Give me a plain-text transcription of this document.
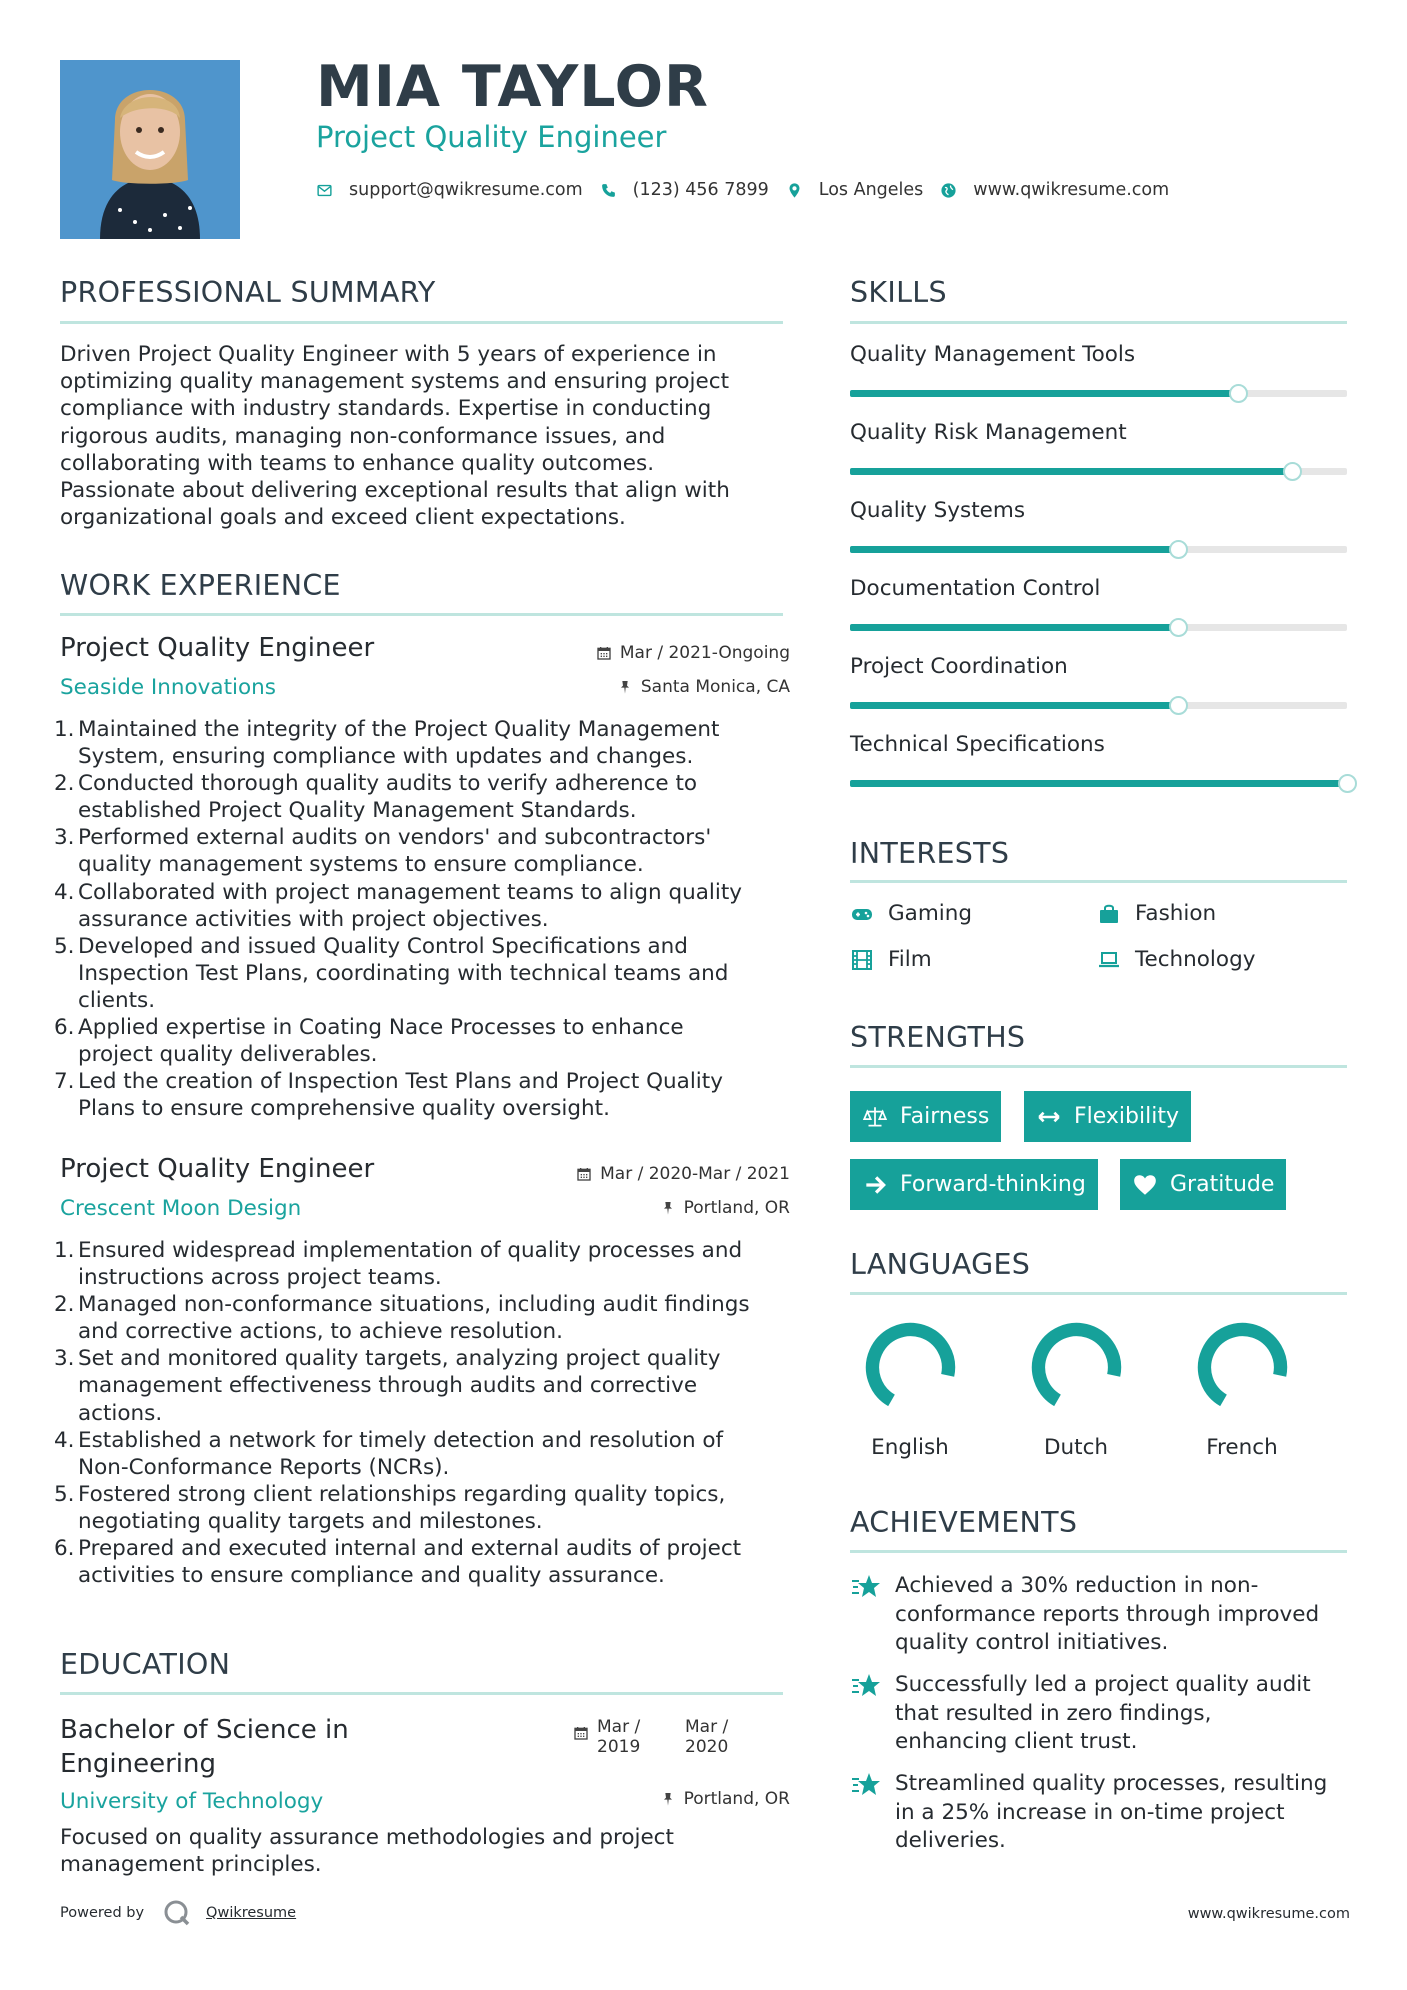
MIA TAYLOR
Project Quality Engineer
support@qwikresume.com	(123) 456 7899	Los Angeles	www.qwikresume.com
PROFESSIONAL SUMMARY
Driven Project Quality Engineer with 5 years of experience in
optimizing quality management systems and ensuring project
compliance with industry standards. Expertise in conducting
rigorous audits, managing non-conformance issues, and
collaborating with teams to enhance quality outcomes.
Passionate about delivering exceptional results that align with
organizational goals and exceed client expectations.
WORK EXPERIENCE
Project Quality Engineer
Seaside Innovations
Mar / 2021-Ongoing
Santa Monica, CA
1. Maintained the integrity of the Project Quality Management
System, ensuring compliance with updates and changes.
2. Conducted thorough quality audits to verify adherence to
established Project Quality Management Standards.
3. Performed external audits on vendors' and subcontractors'
quality management systems to ensure compliance.
4. Collaborated with project management teams to align quality
assurance activities with project objectives.
5. Developed and issued Quality Control Specifications and
Inspection Test Plans, coordinating with technical teams and
clients.
6. Applied expertise in Coating Nace Processes to enhance
project quality deliverables.
7. Led the creation of Inspection Test Plans and Project Quality
Plans to ensure comprehensive quality oversight.
Project Quality Engineer
Crescent Moon Design
Mar / 2020-Mar / 2021
Portland, OR
1. Ensured widespread implementation of quality processes and
instructions across project teams.
2. Managed non-conformance situations, including audit findings
and corrective actions, to achieve resolution.
3. Set and monitored quality targets, analyzing project quality
management effectiveness through audits and corrective
actions.
4. Established a network for timely detection and resolution of
Non-Conformance Reports (NCRs).
5. Fostered strong client relationships regarding quality topics,
negotiating quality targets and milestones.
6. Prepared and executed internal and external audits of project
activities to ensure compliance and quality assurance.
EDUCATION
Bachelor of Science in
Engineering
University of Technology
Mar /
2019
Mar /
2020
Portland, OR
Focused on quality assurance methodologies and project
management principles.
SKILLS
Quality Management Tools
Quality Risk Management
Quality Systems
Documentation Control
Project Coordination
Technical Specifications
INTERESTS
Gaming	Fashion
Film	Technology
STRENGTHS
Fairness	Flexibility
Forward-thinking	Gratitude
LANGUAGES
English	Dutch	French
ACHIEVEMENTS
Achieved a 30% reduction in non-
conformance reports through improved
quality control initiatives.
Successfully led a project quality audit
that resulted in zero findings,
enhancing client trust.
Streamlined quality processes, resulting
in a 25% increase in on-time project
deliveries.
Powered by	Qwikresume	www.qwikresume.com
